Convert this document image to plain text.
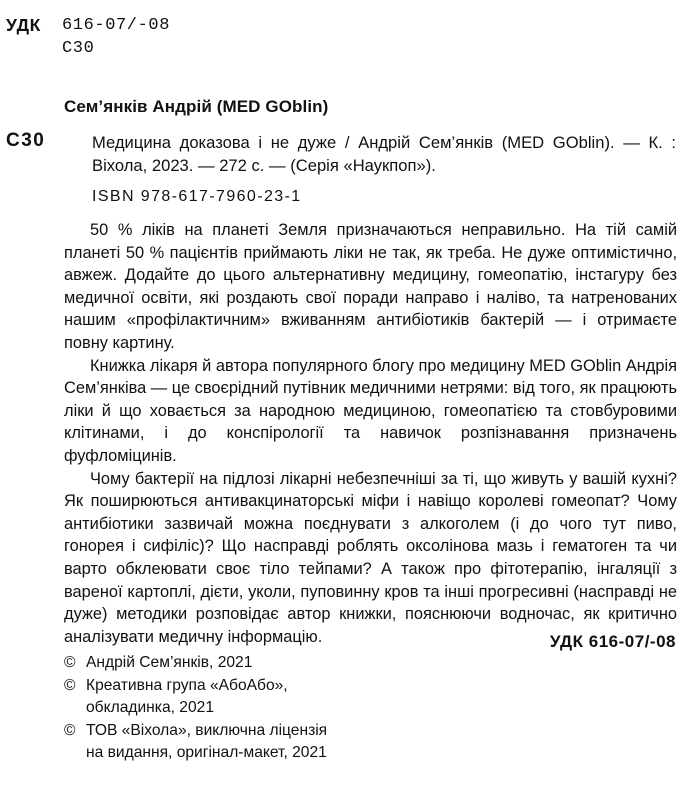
УДК	616-07/-08
С30
Сем’янків Андрій (MED GOblin)
С30	Медицина доказова і не дуже / Андрій Сем’янків (MED GOblin). — К. : Віхола, 2023. — 272 с. — (Серія «Наукпоп»).

ISBN 978-617-7960-23-1

50 % ліків на планеті Земля призначаються неправильно. На тій самій планеті 50 % пацієнтів приймають ліки не так, як треба. Не дуже оптимістично, авжеж. Додайте до цього альтернативну медицину, гомеопатію, інстагуру без медичної освіти, які роздають свої поради направо і наліво, та натренованих нашим «профілактичним» вживанням антибіотиків бактерій — і отримаєте повну картину.

Книжка лікаря й автора популярного блогу про медицину MED GOblin Андрія Сем’янківа — це своєрідний путівник медичними нетрями: від того, як працюють ліки й що ховається за народною медициною, гомеопатією та стовбуровими клітинами, і до конспірології та навичок розпізнавання призначень фуфломіцинів.

Чому бактерії на підлозі лікарні небезпечніші за ті, що живуть у вашій кухні? Як поширюються антивакцинаторські міфи і навіщо королеві гомеопат? Чому антибіотики зазвичай можна поєднувати з алкоголем (і до чого тут пиво, гонорея і сифіліс)? Що насправді роблять оксолінова мазь і гематоген та чи варто обклеювати своє тіло тейпами? А також про фітотерапію, інгаляції з вареної картоплі, дієти, уколи, пуповинну кров та інші прогресивні (насправді не дуже) методики розповідає автор книжки, пояснюючи водночас, як критично аналізувати медичну інформацію.	УДК 616-07/-08
© Андрій Сем’янків, 2021
© Креативна група «АбоАбо»,
обкладинка, 2021
© ТОВ «Віхола», виключна ліцензія
на видання, оригінал-макет, 2021
